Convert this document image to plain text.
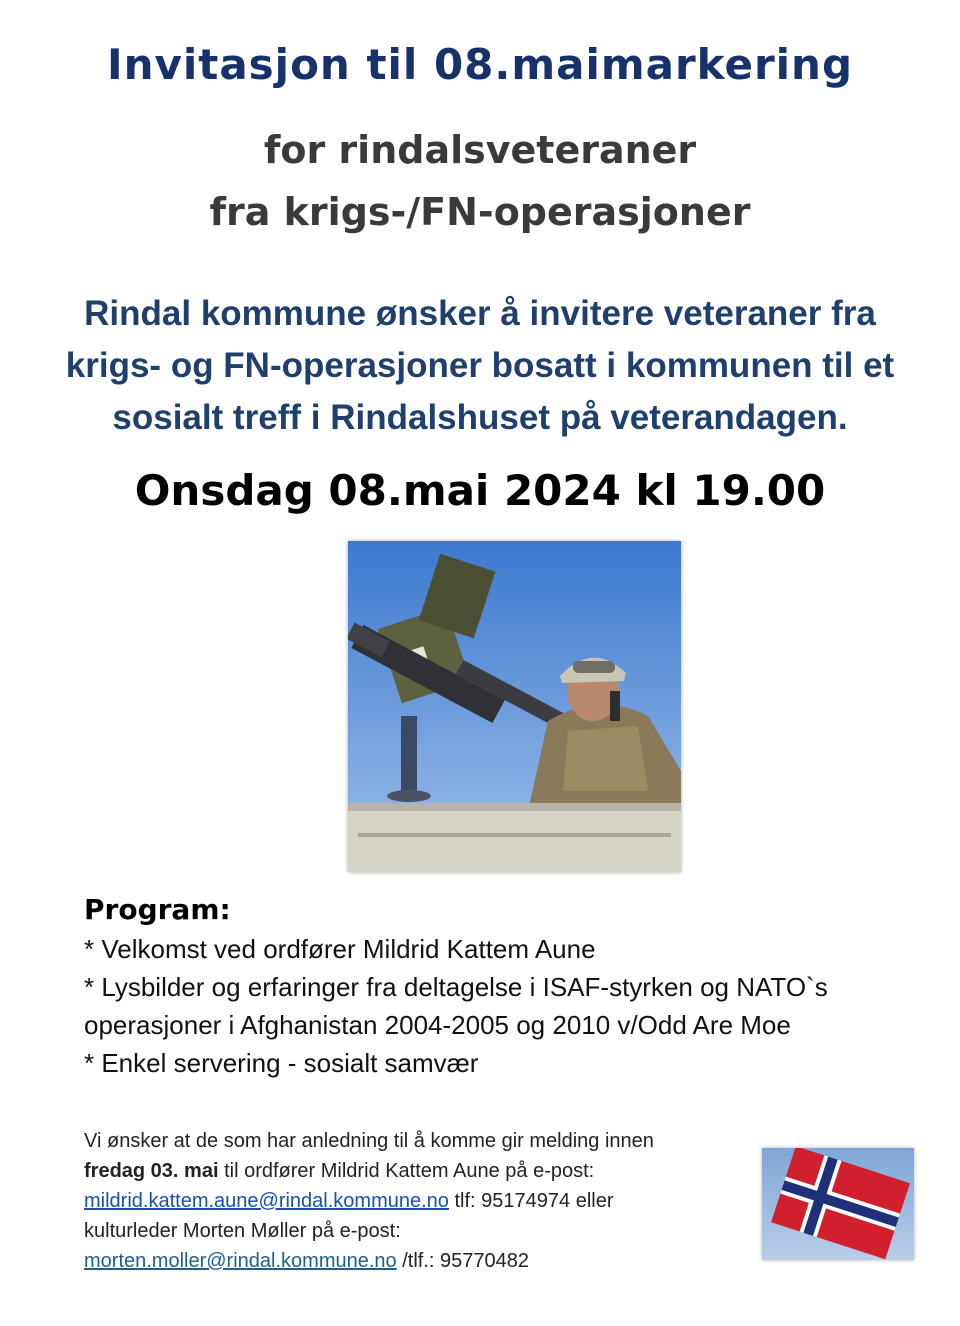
Invitasjon til 08.maimarkering
for rindalsveteraner
fra krigs-/FN-operasjoner

Rindal kommune ønsker å invitere veteraner fra
krigs- og FN-operasjoner bosatt i kommunen til et
sosialt treff i Rindalshuset på veterandagen.

Onsdag 08.mai 2024 kl 19.00

Program:

* Velkomst ved ordfører Mildrid Kattem Aune

* Lysbilder og erfaringer fra deltagelse i ISAF-styrken og NATO`s operasjoner i Afghanistan 2004-2005 og 2010 v/Odd Are Moe

* Enkel servering - sosialt samvær

Vi ønsker at de som har anledning til å komme gir melding innen
fredag 03. mai til ordfører Mildrid Kattem Aune på e-post:
mildrid.kattem.aune@rindal.kommune.no tlf: 95174974 eller
kulturleder Morten Møller på e-post:
morten.moller@rindal.kommune.no /tlf.: 95770482
